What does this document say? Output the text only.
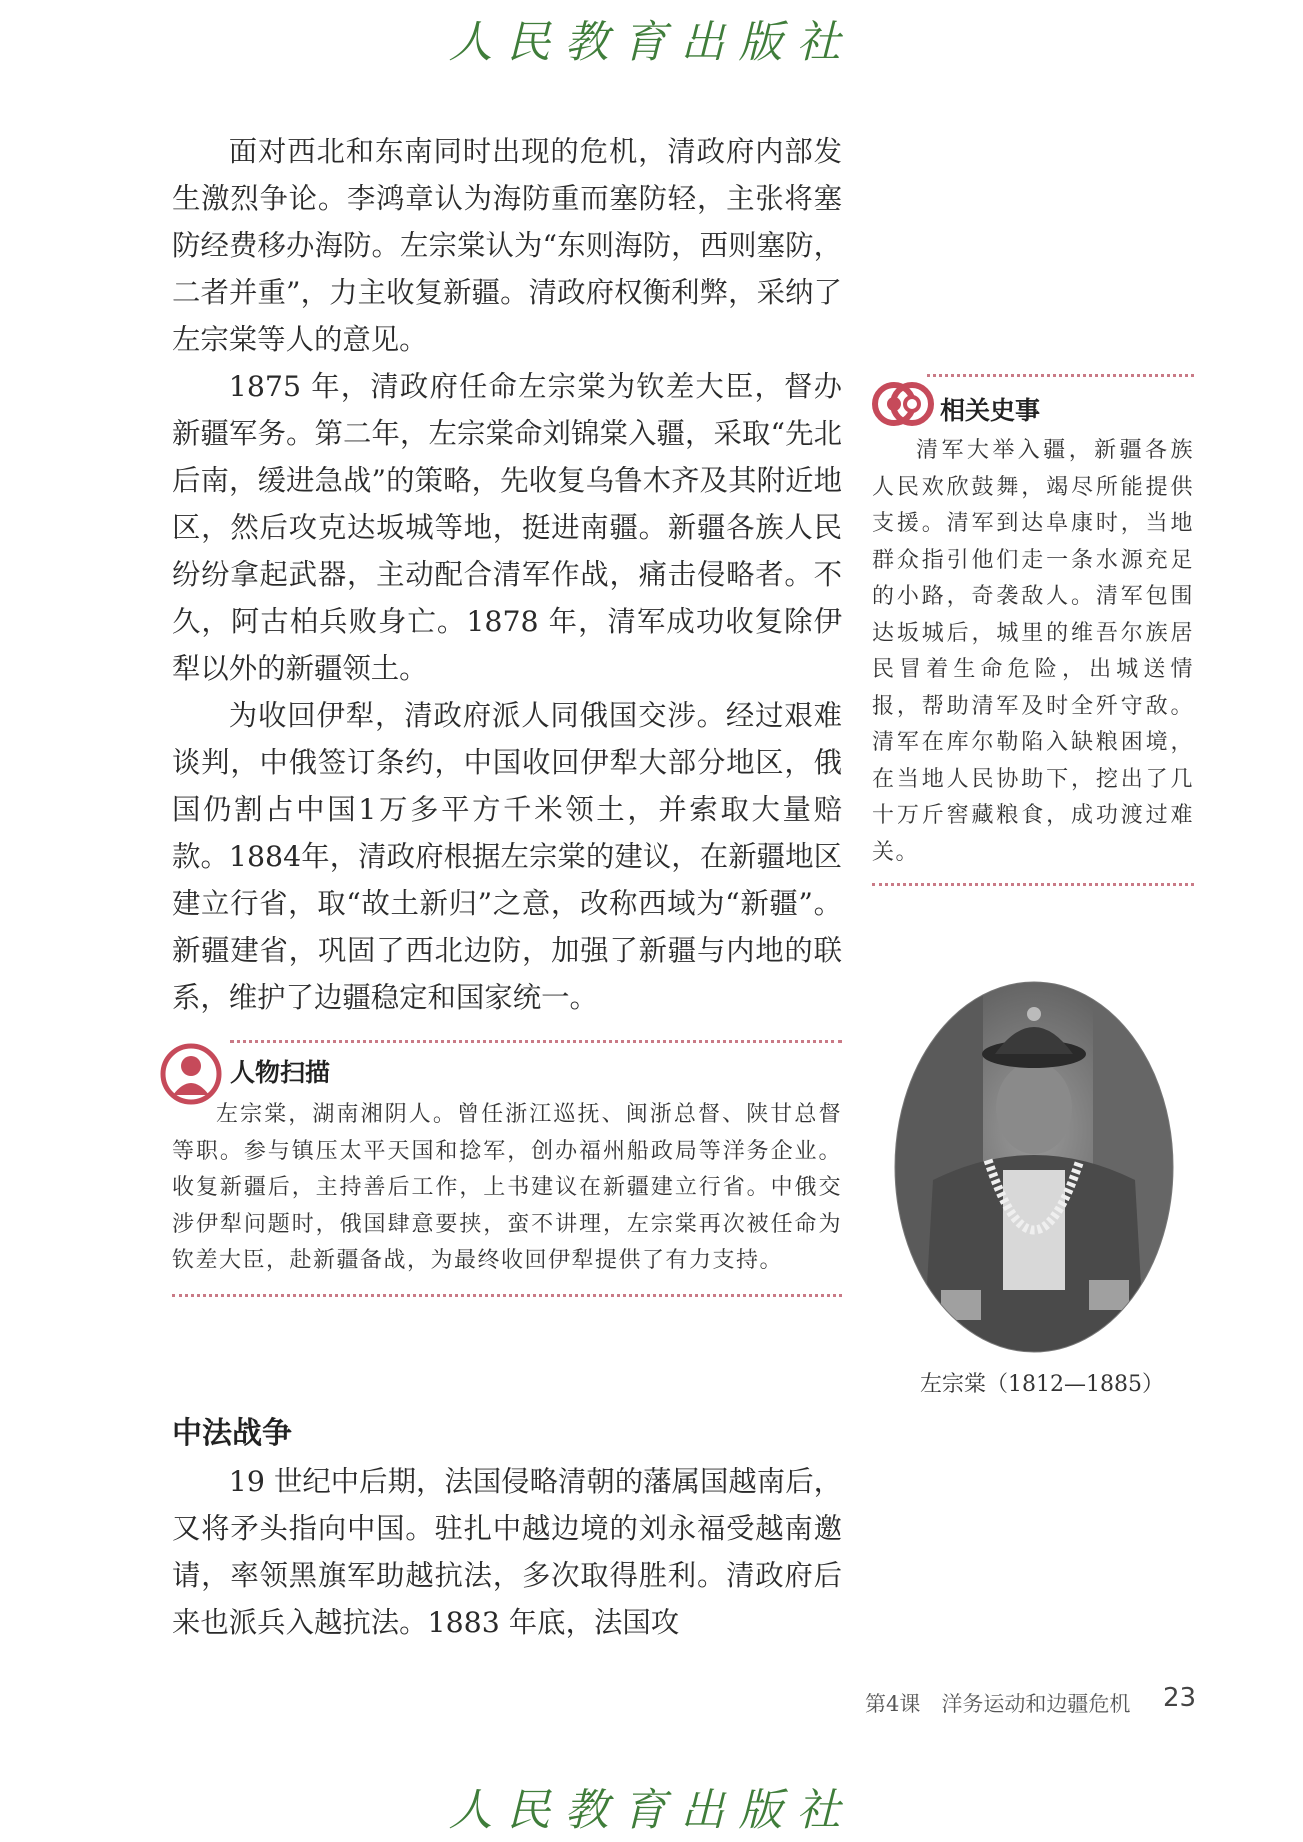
人民教育出版社

面对西北和东南同时出现的危机，清政府内部发生激烈争论。李鸿章认为海防重而塞防轻，主张将塞防经费移办海防。左宗棠认为“东则海防，西则塞防，二者并重”，力主收复新疆。清政府权衡利弊，采纳了左宗棠等人的意见。

1875 年，清政府任命左宗棠为钦差大臣，督办新疆军务。第二年，左宗棠命刘锦棠入疆，采取“先北后南，缓进急战”的策略，先收复乌鲁木齐及其附近地区，然后攻克达坂城等地，挺进南疆。新疆各族人民纷纷拿起武器，主动配合清军作战，痛击侵略者。不久，阿古柏兵败身亡。1878 年，清军成功收复除伊犁以外的新疆领土。

为收回伊犁，清政府派人同俄国交涉。经过艰难谈判，中俄签订条约，中国收回伊犁大部分地区，俄国仍割占中国1万多平方千米领土，并索取大量赔款。1884年，清政府根据左宗棠的建议，在新疆地区建立行省，取“故土新归”之意，改称西域为“新疆”。新疆建省，巩固了西北边防，加强了新疆与内地的联系，维护了边疆稳定和国家统一。

相关史事
清军大举入疆，新疆各族人民欢欣鼓舞，竭尽所能提供支援。清军到达阜康时，当地群众指引他们走一条水源充足的小路，奇袭敌人。清军包围达坂城后，城里的维吾尔族居民冒着生命危险，出城送情报，帮助清军及时全歼守敌。清军在库尔勒陷入缺粮困境，在当地人民协助下，挖出了几十万斤窖藏粮食，成功渡过难关。
左宗棠（1812—1885）
人物扫描
左宗棠，湖南湘阴人。曾任浙江巡抚、闽浙总督、陕甘总督等职。参与镇压太平天国和捻军，创办福州船政局等洋务企业。收复新疆后，主持善后工作，上书建议在新疆建立行省。中俄交涉伊犁问题时，俄国肆意要挟，蛮不讲理，左宗棠再次被任命为钦差大臣，赴新疆备战，为最终收回伊犁提供了有力支持。
中法战争

19 世纪中后期，法国侵略清朝的藩属国越南后，又将矛头指向中国。驻扎中越边境的刘永福受越南邀请，率领黑旗军助越抗法，多次取得胜利。清政府后来也派兵入越抗法。1883 年底，法国攻

第4课　洋务运动和边疆危机 23
人民教育出版社
